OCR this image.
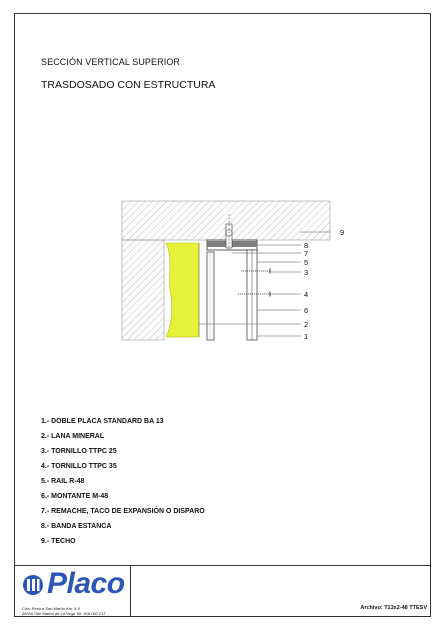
SECCIÓN VERTICAL SUPERIOR
TRASDOSADO CON ESTRUCTURA
9
8
7
5
3
4
6
2
1
1.- DOBLE PLACA STANDARD BA 13
2.- LANA MINERAL
3.- TORNILLO TTPC 25
4.- TORNILLO TTPC 35
5.- RAIL R-48
6.- MONTANTE M-48
7.- REMACHE, TACO DE EXPANSIÓN O DISPARO
8.- BANDA ESTANCA
9.- TECHO
Placo
Crta. Pinto a San Martín Km. 8,9
28330 San Martín de La Vega Tel: 918 087 217
Archivo: T13x2-48 TTESV
